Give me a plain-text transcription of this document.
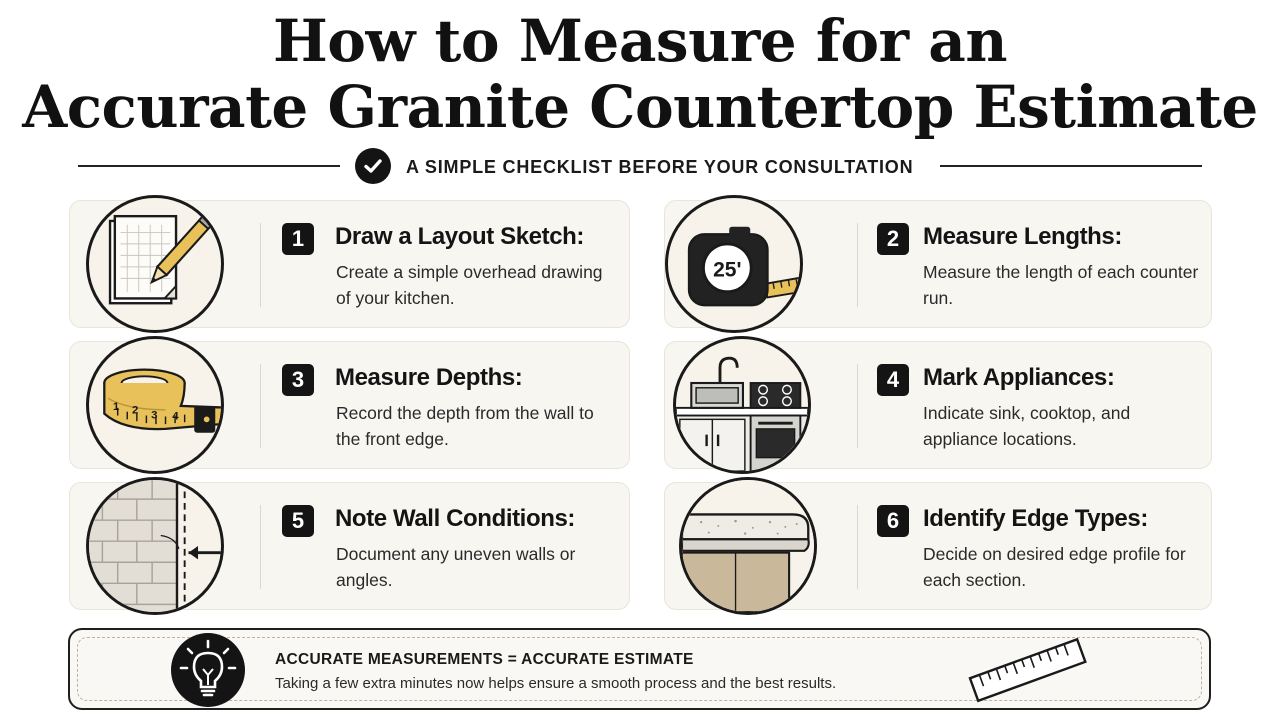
How to Measure for an
Accurate Granite Countertop Estimate
A SIMPLE CHECKLIST BEFORE YOUR CONSULTATION
1	Draw a Layout Sketch:
Create a simple overhead drawing of your kitchen.
25'
2 Measure Lengths:
Measure the length of each counter run.
1 2 3 4
3	Measure Depths:
Record the depth from the wall to the front edge.
4 Mark Appliances:
Indicate sink, cooktop, and appliance locations.
5	Note Wall Conditions:
Document any uneven walls or angles.
6 Identify Edge Types:
Decide on desired edge profile for each section.
ACCURATE MEASUREMENTS = ACCURATE ESTIMATE
Taking a few extra minutes now helps ensure a smooth process and the best results.
